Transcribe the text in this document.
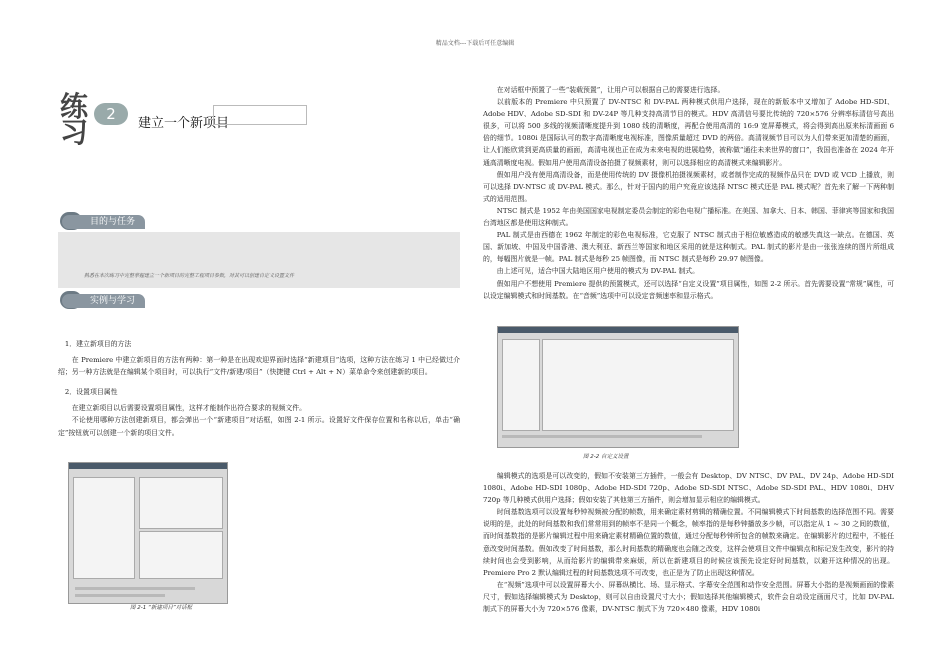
精品文档---下载后可任意编辑
练
习
2
建立一个新项目
目的与任务
熟悉在本次练习中完整掌握建立一个新项目的完整工程项目参数，对其可以创建自定义设置文件
实例与学习

1．建立新项目的方法

在 Premiere 中建立新项目的方法有两种：第一种是在出现欢迎界面时选择“新建项目”选项，这种方法在练习 1 中已经做过介绍；另一种方法就是在编辑某个项目时，可以执行“文件/新建/项目”（快捷键 Ctrl + Alt + N）菜单命令来创建新的项目。

2．设置项目属性

在建立新项目以后需要设置项目属性，这样才能制作出符合要求的视频文件。

不论使用哪种方法创建新项目，都会弹出一个“新建项目”对话框，如图 2-1 所示。设置好文件保存位置和名称以后，单击“确定”按钮就可以创建一个新的项目文件。

图 2-1 “新建项目”对话框

在对话框中预置了一些“装载预置”，让用户可以根据自己的需要进行选择。

以前版本的 Premiere 中只预置了 DV-NTSC 和 DV-PAL 两种模式供用户选择，现在的新版本中又增加了 Adobe HD-SDI、Adobe HDV、Adobe SD-SDI 和 DV-24P 等几种支持高清节目的模式。HDV 高清信号要比传统的 720×576 分辨率标清信号高出很多，可以将 500 多线的视频清晰度提升到 1080 线的清晰度，再配合使用高清的 16:9 宽屏幕模式，将会得到高出原来标清画面 6 倍的细节。1080i 是国际认可的数字高清晰度电视标准，图像质量超过 DVD 的两倍。高清视频节目可以为人们带来更加清楚的画面，让人们能欣赏到更高质量的画面，高清电视也正在成为未来电视的进展趋势，被称做“通往未来世界的窗口”，我国也准备在 2024 年开通高清晰度电视。假如用户使用高清设备拍摄了视频素材，则可以选择相应的高清模式来编辑影片。

假如用户没有使用高清设备，而是使用传统的 DV 摄像机拍摄视频素材，或者制作完成的视频作品只在 DVD 或 VCD 上播放，则可以选择 DV-NTSC 或 DV-PAL 模式。那么，针对于国内的用户究竟应该选择 NTSC 模式还是 PAL 模式呢？首先来了解一下两种制式的适用范围。

NTSC 制式是 1952 年由美国国家电视制定委员会制定的彩色电视广播标准。在美国、加拿大、日本、韩国、菲律宾等国家和我国台湾地区都是使用这种制式。

PAL 制式是由西德在 1962 年制定的彩色电视标准，它克服了 NTSC 制式由于相位敏感造成的敏感失真这一缺点。在德国、英国、新加坡、中国及中国香港、澳大利亚、新西兰等国家和地区采用的就是这种制式。PAL 制式的影片是由一张张连续的图片所组成的，每幅图片就是一帧。PAL 制式是每秒 25 帧图像，而 NTSC 制式是每秒 29.97 帧图像。

由上述可见，适合中国大陆地区用户使用的模式为 DV-PAL 制式。

假如用户不想使用 Premiere 提供的预置模式，还可以选择“自定义设置”项目属性，如图 2-2 所示。首先需要设置“常规”属性，可以设定编辑模式和时间基数。在“音频”选项中可以设定音频速率和显示格式。

图 2-2 自定义设置

编辑模式的选项是可以改变的，假如不安装第三方插件，一般会有 Desktop、DV NTSC、DV PAL、DV 24p、Adobe HD-SDI 1080i、Adobe HD-SDI 1080p、Adobe HD-SDI 720p、Adobe SD-SDI NTSC、Adobe SD-SDI PAL、HDV 1080i、DHV 720p 等几种模式供用户选择；假如安装了其他第三方插件，则会增加显示相应的编辑模式。

时间基数选项可以设置每秒钟视频被分配的帧数，用来确定素材剪辑的精确位置。不同编辑模式下时间基数的选择范围不同。需要说明的是，此处的时间基数和我们常常用到的帧率不是同一个概念，帧率指的是每秒钟播放多少帧，可以指定从 1 ~ 30 之间的数值，而时间基数指的是影片编辑过程中用来确定素材精确位置的数值，通过分配每秒钟所包含的帧数来确定。在编辑影片的过程中，不能任意改变时间基数。假如改变了时间基数，那么时间基数的精确度也会随之改变，这样会使项目文件中编辑点和标记发生改变，影片的持续时间也会受到影响，从而给影片的编辑带来麻烦，所以在新建项目的时候应该预先设定好时间基数，以避开这种情况的出现。Premiere Pro 2 默认编辑过程的时间基数选项不可改变，也正是为了防止出现这种情况。

在“视频”选项中可以设置屏幕大小、屏幕纵横比、场、显示格式、字幕安全范围和动作安全范围。屏幕大小指的是视频画面的像素尺寸，假如选择编辑模式为 Desktop，则可以自由设置尺寸大小；假如选择其他编辑模式，软件会自动设定画面尺寸，比如 DV-PAL 制式下的屏幕大小为 720×576 像素，DV-NTSC 制式下为 720×480 像素，HDV 1080i
